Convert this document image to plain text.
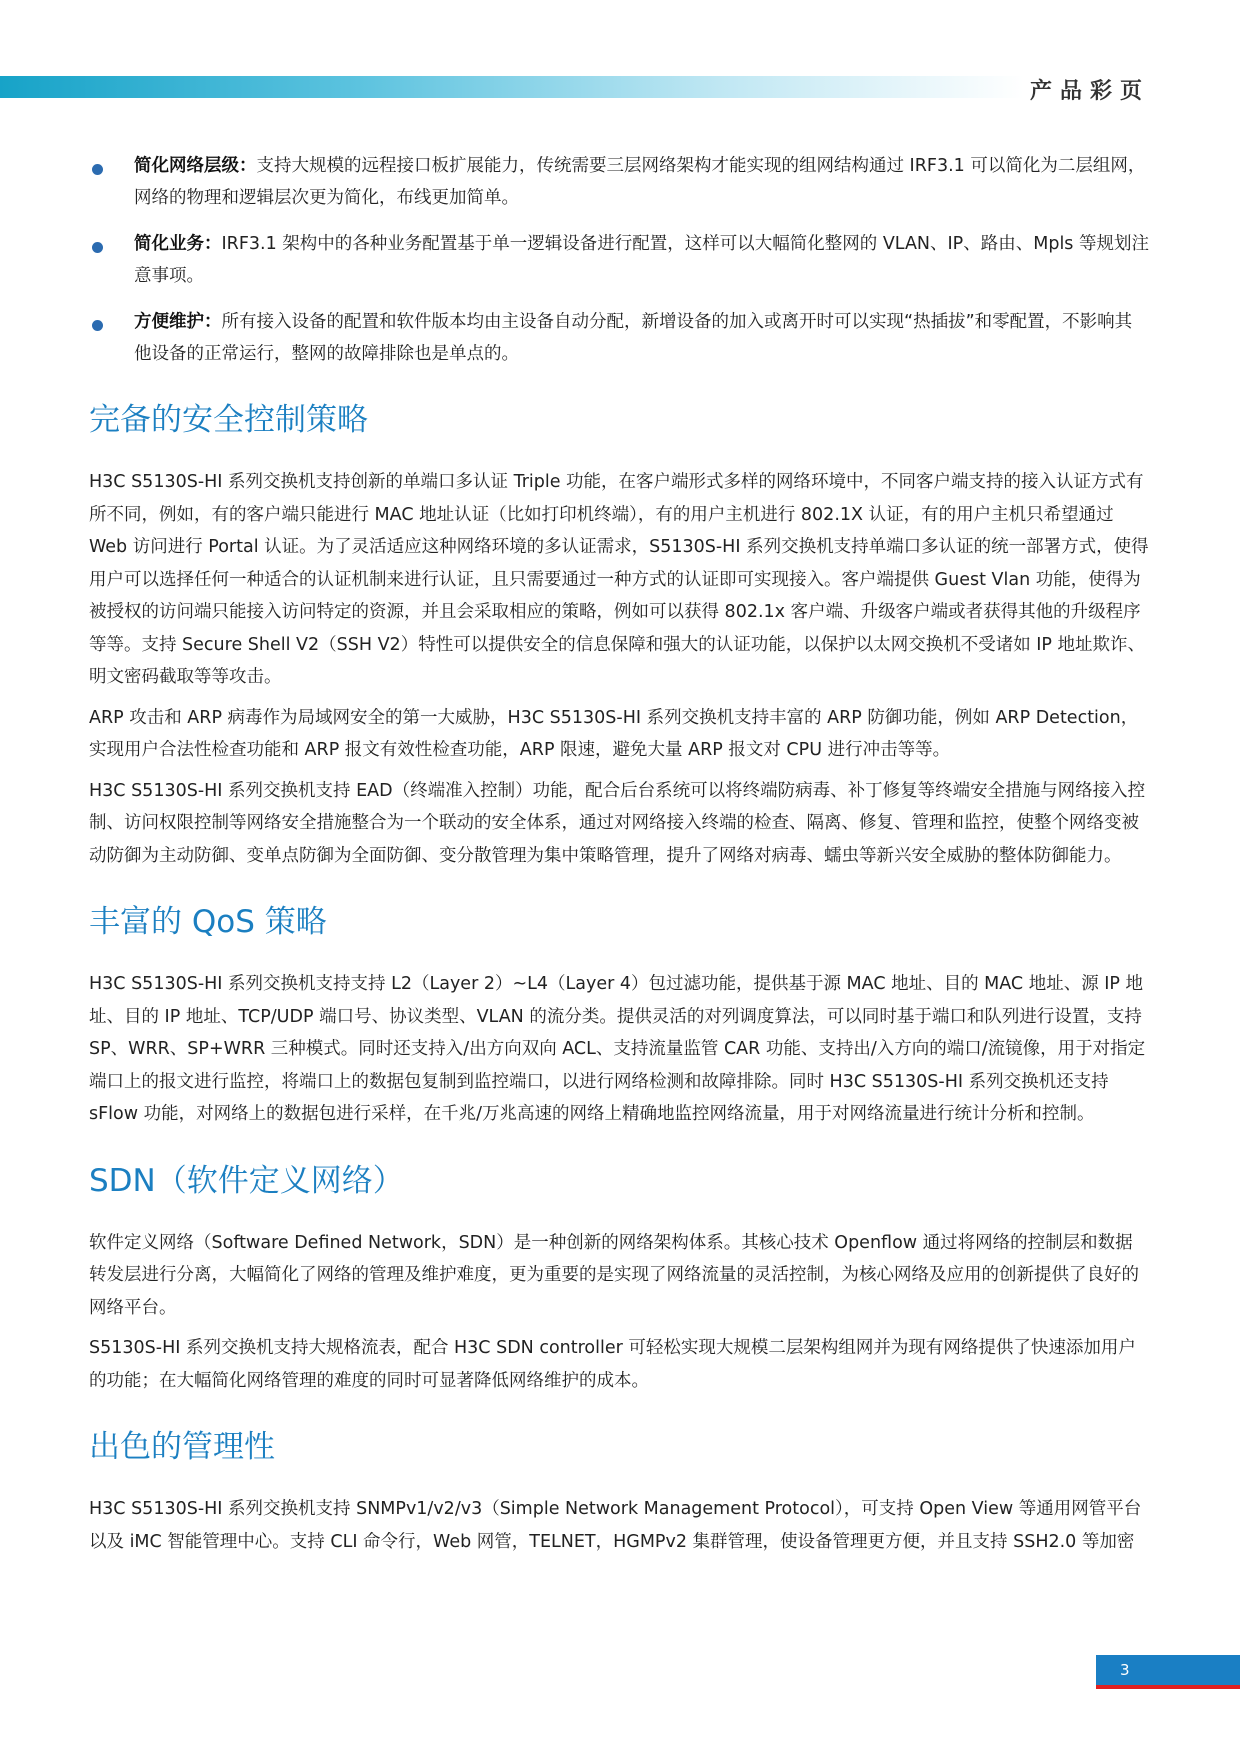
产品彩页
简化网络层级：支持大规模的远程接口板扩展能力，传统需要三层网络架构才能实现的组网结构通过 IRF3.1 可以简化为二层组网，网络的物理和逻辑层次更为简化，布线更加简单。
简化业务：IRF3.1 架构中的各种业务配置基于单一逻辑设备进行配置，这样可以大幅简化整网的 VLAN、IP、路由、Mpls 等规划注意事项。
方便维护：所有接入设备的配置和软件版本均由主设备自动分配，新增设备的加入或离开时可以实现“热插拔”和零配置，不影响其他设备的正常运行，整网的故障排除也是单点的。
完备的安全控制策略

H3C S5130S-HI 系列交换机支持创新的单端口多认证 Triple 功能，在客户端形式多样的网络环境中，不同客户端支持的接入认证方式有所不同，例如，有的客户端只能进行 MAC 地址认证（比如打印机终端），有的用户主机进行 802.1X 认证，有的用户主机只希望通过 Web 访问进行 Portal 认证。为了灵活适应这种网络环境的多认证需求，S5130S-HI 系列交换机支持单端口多认证的统一部署方式，使得用户可以选择任何一种适合的认证机制来进行认证，且只需要通过一种方式的认证即可实现接入。客户端提供 Guest Vlan 功能，使得为被授权的访问端只能接入访问特定的资源，并且会采取相应的策略，例如可以获得 802.1x 客户端、升级客户端或者获得其他的升级程序等等。支持 Secure Shell V2（SSH V2）特性可以提供安全的信息保障和强大的认证功能，以保护以太网交换机不受诸如 IP 地址欺诈、明文密码截取等等攻击。

ARP 攻击和 ARP 病毒作为局域网安全的第一大威胁，H3C S5130S-HI 系列交换机支持丰富的 ARP 防御功能，例如 ARP Detection，实现用户合法性检查功能和 ARP 报文有效性检查功能，ARP 限速，避免大量 ARP 报文对 CPU 进行冲击等等。

H3C S5130S-HI 系列交换机支持 EAD（终端准入控制）功能，配合后台系统可以将终端防病毒、补丁修复等终端安全措施与网络接入控制、访问权限控制等网络安全措施整合为一个联动的安全体系，通过对网络接入终端的检查、隔离、修复、管理和监控，使整个网络变被动防御为主动防御、变单点防御为全面防御、变分散管理为集中策略管理，提升了网络对病毒、蠕虫等新兴安全威胁的整体防御能力。

丰富的 QoS 策略

H3C S5130S-HI 系列交换机支持支持 L2（Layer 2）~L4（Layer 4）包过滤功能，提供基于源 MAC 地址、目的 MAC 地址、源 IP 地址、目的 IP 地址、TCP/UDP 端口号、协议类型、VLAN 的流分类。提供灵活的对列调度算法，可以同时基于端口和队列进行设置，支持 SP、WRR、SP+WRR 三种模式。同时还支持入/出方向双向 ACL、支持流量监管 CAR 功能、支持出/入方向的端口/流镜像，用于对指定端口上的报文进行监控，将端口上的数据包复制到监控端口，以进行网络检测和故障排除。同时 H3C S5130S-HI 系列交换机还支持 sFlow 功能，对网络上的数据包进行采样，在千兆/万兆高速的网络上精确地监控网络流量，用于对网络流量进行统计分析和控制。

SDN（软件定义网络）

软件定义网络（Software Defined Network，SDN）是一种创新的网络架构体系。其核心技术 Openflow 通过将网络的控制层和数据转发层进行分离，大幅简化了网络的管理及维护难度，更为重要的是实现了网络流量的灵活控制，为核心网络及应用的创新提供了良好的网络平台。

S5130S-HI 系列交换机支持大规格流表，配合 H3C SDN controller 可轻松实现大规模二层架构组网并为现有网络提供了快速添加用户的功能；在大幅简化网络管理的难度的同时可显著降低网络维护的成本。

出色的管理性

H3C S5130S-HI 系列交换机支持 SNMPv1/v2/v3（Simple Network Management Protocol），可支持 Open View 等通用网管平台以及 iMC 智能管理中心。支持 CLI 命令行，Web 网管，TELNET，HGMPv2 集群管理，使设备管理更方便，并且支持 SSH2.0 等加密

3
